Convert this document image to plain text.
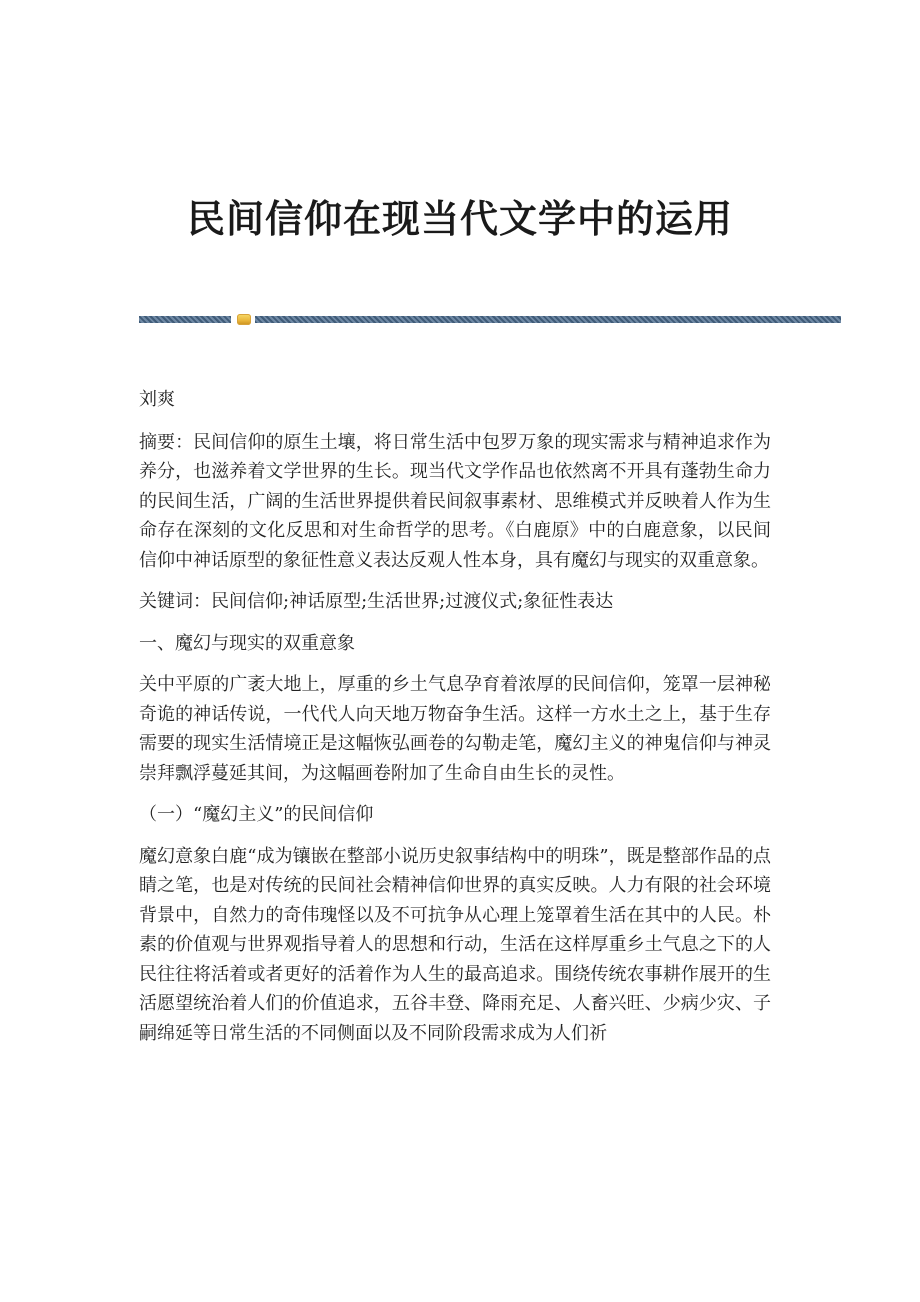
民间信仰在现当代文学中的运用

刘爽

摘要：民间信仰的原生土壤，将日常生活中包罗万象的现实需求与精神追求作为养分，也滋养着文学世界的生长。现当代文学作品也依然离不开具有蓬勃生命力的民间生活，广阔的生活世界提供着民间叙事素材、思维模式并反映着人作为生命存在深刻的文化反思和对生命哲学的思考。《白鹿原》中的白鹿意象，以民间信仰中神话原型的象征性意义表达反观人性本身，具有魔幻与现实的双重意象。

关键词：民间信仰;神话原型;生活世界;过渡仪式;象征性表达

一、魔幻与现实的双重意象

关中平原的广袤大地上，厚重的乡土气息孕育着浓厚的民间信仰，笼罩一层神秘奇诡的神话传说，一代代人向天地万物奋争生活。这样一方水土之上，基于生存需要的现实生活情境正是这幅恢弘画卷的勾勒走笔，魔幻主义的神鬼信仰与神灵崇拜飘浮蔓延其间，为这幅画卷附加了生命自由生长的灵性。

（一）“魔幻主义”的民间信仰

魔幻意象白鹿“成为镶嵌在整部小说历史叙事结构中的明珠”，既是整部作品的点睛之笔，也是对传统的民间社会精神信仰世界的真实反映。人力有限的社会环境背景中，自然力的奇伟瑰怪以及不可抗争从心理上笼罩着生活在其中的人民。朴素的价值观与世界观指导着人的思想和行动，生活在这样厚重乡土气息之下的人民往往将活着或者更好的活着作为人生的最高追求。围绕传统农事耕作展开的生活愿望统治着人们的价值追求，五谷丰登、降雨充足、人畜兴旺、少病少灾、子嗣绵延等日常生活的不同侧面以及不同阶段需求成为人们祈
